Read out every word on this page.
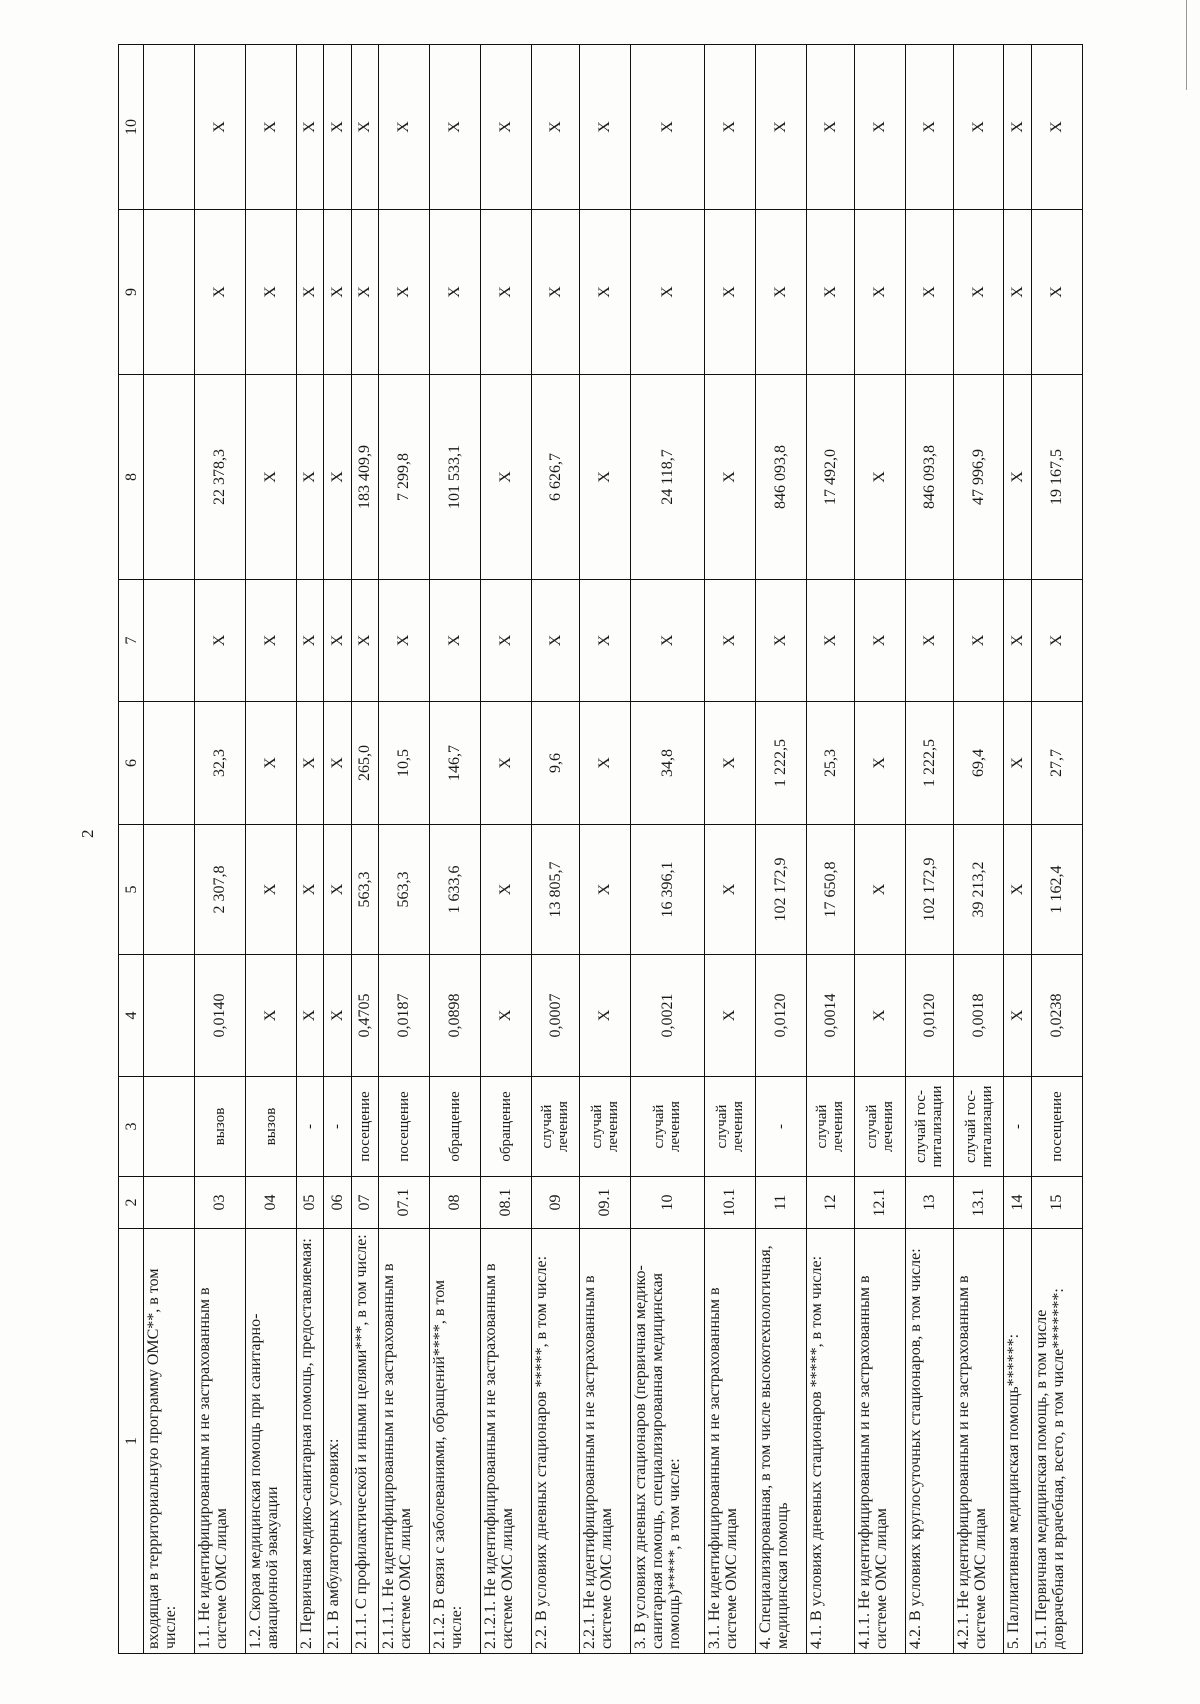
2
1	2	3	4	5	6	7	8	9	10
входящая в территориальную программу ОМС**, в том числе:									
1.1. Не идентифицированным и не застрахованным в системе ОМС лицам	03	вызов	0,0140	2 307,8	32,3	Х	22 378,3	Х	Х
1.2. Скорая медицинская помощь при санитарно-авиационной эвакуации	04	вызов	Х	Х	Х	Х	Х	Х	Х
2. Первичная медико-санитарная помощь, предоставляемая:	05	-	Х	Х	Х	Х	Х	Х	Х
2.1. В амбулаторных условиях:	06	-	Х	Х	Х	Х	Х	Х	Х
2.1.1. С профилактической и иными целями***, в том числе:	07	посещение	0,4705	563,3	265,0	Х	183 409,9	Х	Х
2.1.1.1. Не идентифицированным и не застрахованным в системе ОМС лицам	07.1	посещение	0,0187	563,3	10,5	Х	7 299,8	Х	Х
2.1.2. В связи с заболеваниями, обращений****, в том числе:	08	обращение	0,0898	1 633,6	146,7	Х	101 533,1	Х	Х
2.1.2.1. Не идентифицированным и не застрахованным в системе ОМС лицам	08.1	обращение	Х	Х	Х	Х	Х	Х	Х
2.2. В условиях дневных стационаров *****, в том числе:	09	случай лечения	0,0007	13 805,7	9,6	Х	6 626,7	Х	Х
2.2.1. Не идентифицированным и не застрахованным в системе ОМС лицам	09.1	случай лечения	Х	Х	Х	Х	Х	Х	Х
3. В условиях дневных стационаров (первичная медико-санитарная помощь, специализированная медицинская помощь)*****, в том числе:	10	случай лечения	0,0021	16 396,1	34,8	Х	24 118,7	Х	Х
3.1. Не идентифицированным и не застрахованным в системе ОМС лицам	10.1	случай лечения	Х	Х	Х	Х	Х	Х	Х
4. Специализированная, в том числе высокотехнологичная, медицинская помощь	11	-	0,0120	102 172,9	1 222,5	Х	846 093,8	Х	Х
4.1. В условиях дневных стационаров *****, в том числе:	12	случай лечения	0,0014	17 650,8	25,3	Х	17 492,0	Х	Х
4.1.1. Не идентифицированным и не застрахованным в системе ОМС лицам	12.1	случай лечения	Х	Х	Х	Х	Х	Х	Х
4.2. В условиях круглосуточных стационаров, в том числе:	13	случай гос-питализации	0,0120	102 172,9	1 222,5	Х	846 093,8	Х	Х
4.2.1. Не идентифицированным и не застрахованным в системе ОМС лицам	13.1	случай гос-питализации	0,0018	39 213,2	69,4	Х	47 996,9	Х	Х
5. Паллиативная медицинская помощь******:	14	-	Х	Х	Х	Х	Х	Х	Х
5.1. Первичная медицинская помощь, в том числе доврачебная и врачебная, всего, в том числе*******:	15	посещение	0,0238	1 162,4	27,7	Х	19 167,5	Х	Х
